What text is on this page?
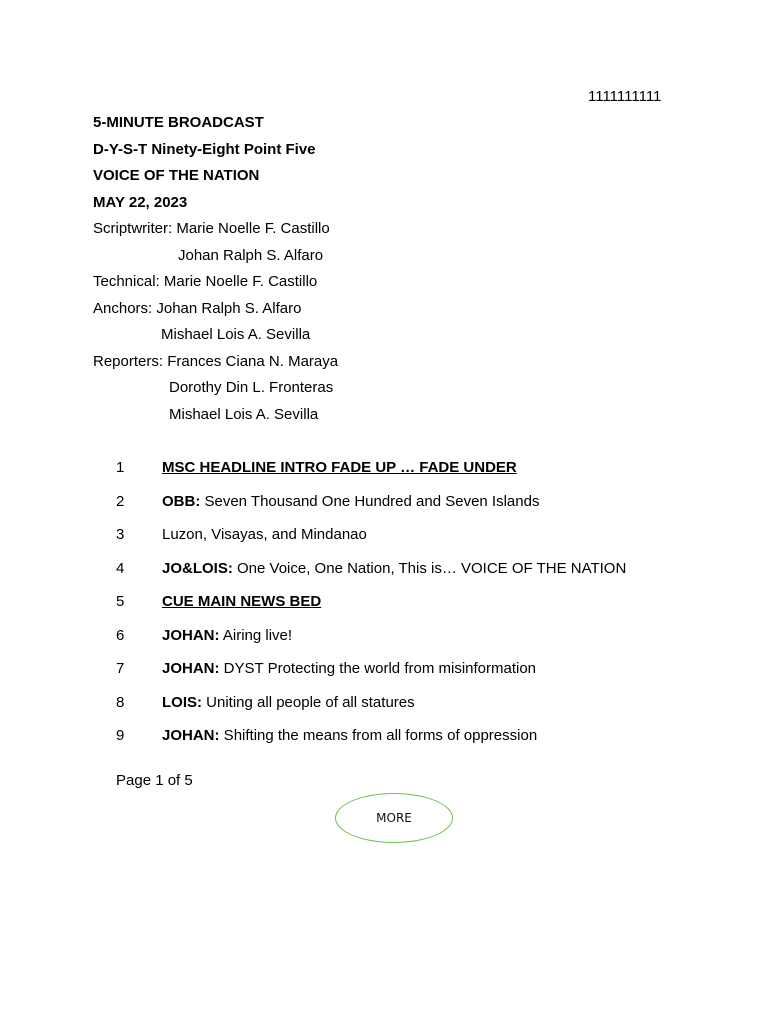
1111111111
5-MINUTE BROADCAST
D-Y-S-T Ninety-Eight Point Five
VOICE OF THE NATION
MAY 22, 2023
Scriptwriter: Marie Noelle F. Castillo
Johan Ralph S. Alfaro
Technical: Marie Noelle F. Castillo
Anchors: Johan Ralph S. Alfaro
Mishael Lois A. Sevilla
Reporters: Frances Ciana N. Maraya
Dorothy Din L. Fronteras
Mishael Lois A. Sevilla
1	MSC HEADLINE INTRO FADE UP … FADE UNDER
2	OBB: Seven Thousand One Hundred and Seven Islands
3	Luzon, Visayas, and Mindanao
4	JO&LOIS: One Voice, One Nation, This is… VOICE OF THE NATION
5	CUE MAIN NEWS BED
6	JOHAN: Airing live!
7	JOHAN: DYST Protecting the world from misinformation
8	LOIS: Uniting all people of all statures
9	JOHAN: Shifting the means from all forms of oppression
Page 1 of 5
MORE
